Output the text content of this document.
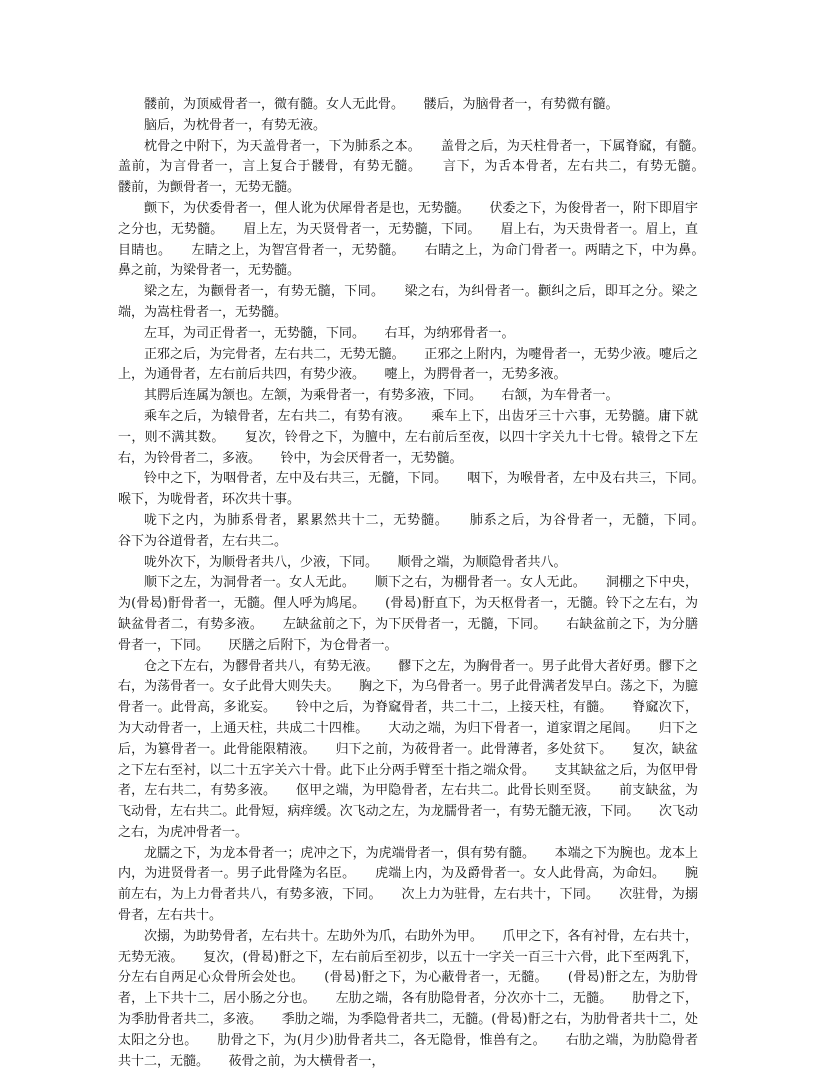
髅前，为顶威骨者一，微有髓。女人无此骨。　　髅后，为脑骨者一，有势微有髓。

脑后，为枕骨者一，有势无液。

枕骨之中附下，为天盖骨者一，下为肺系之本。　　盖骨之后，为天柱骨者一，下属脊窳，有髓。　　盖前，为言骨者一，言上复合于髅骨，有势无髓。　　言下，为舌本骨者，左右共二，有势无髓。　　髅前，为颤骨者一，无势无髓。

颤下，为伏委骨者一，俚人讹为伏犀骨者是也，无势髓。　　伏委之下，为俊骨者一，附下即眉宇之分也，无势髓。　　眉上左，为天贤骨者一，无势髓，下同。　　眉上右，为天贵骨者一。眉上，直目睛也。　　左睛之上，为智宫骨者一，无势髓。　　右睛之上，为命门骨者一。两睛之下，中为鼻。　　鼻之前，为梁骨者一，无势髓。

梁之左，为颧骨者一，有势无髓，下同。　　梁之右，为纠骨者一。颧纠之后，即耳之分。梁之端，为嵩柱骨者一，无势髓。

左耳，为司正骨者一，无势髓，下同。　　右耳，为纳邪骨者一。

正邪之后，为完骨者，左右共二，无势无髓。　　正邪之上附内，为嚏骨者一，无势少液。嚏后之上，为通骨者，左右前后共四，有势少液。　　嚏上，为腭骨者一，无势多液。

其腭后连属为颔也。左颔，为乘骨者一，有势多液，下同。　　右颔，为车骨者一。

乘车之后，为辕骨者，左右共二，有势有液。　　乘车上下，出齿牙三十六事，无势髓。庸下就一，则不满其数。　　复次，铃骨之下，为膻中，左右前后至夜，以四十字关九十七骨。辕骨之下左右，为铃骨者二，多液。　　铃中，为会厌骨者一，无势髓。

铃中之下，为咽骨者，左中及右共三，无髓，下同。　　咽下，为喉骨者，左中及右共三，下同。　　喉下，为咙骨者，环次共十事。

咙下之内，为肺系骨者，累累然共十二，无势髓。　　肺系之后，为谷骨者一，无髓，下同。　　谷下为谷道骨者，左右共二。

咙外次下，为顺骨者共八，少液，下同。　　顺骨之端，为顺隐骨者共八。

顺下之左，为洞骨者一。女人无此。　　顺下之右，为棚骨者一。女人无此。　　洞棚之下中央，为(骨曷)骬骨者一，无髓。俚人呼为鸠尾。　　(骨曷)骬直下，为天枢骨者一，无髓。铃下之左右，为缺盆骨者二，有势多液。　　左缺盆前之下，为下厌骨者一，无髓，下同。　　右缺盆前之下，为分膳骨者一，下同。　　厌膳之后附下，为仓骨者一。

仓之下左右，为髎骨者共八，有势无液。　　髎下之左，为胸骨者一。男子此骨大者好勇。髎下之右，为荡骨者一。女子此骨大则失夫。　　胸之下，为乌骨者一。男子此骨满者发早白。荡之下，为臆骨者一。此骨高，多讹妄。　　铃中之后，为脊窳骨者，共二十二，上接天柱，有髓。　　脊窳次下，为大动骨者一，上通天柱，共成二十四椎。　　大动之端，为归下骨者一，道家谓之尾闾。　　归下之后，为篡骨者一。此骨能限精液。　　归下之前，为莜骨者一。此骨薄者，多处贫下。　　复次，缺盆之下左右至衬，以二十五字关六十骨。此下止分两手臂至十指之端众骨。　　支其缺盆之后，为伛甲骨者，左右共二，有势多液。　　伛甲之端，为甲隐骨者，左右共二。此骨长则至贤。　　前支缺盆，为飞动骨，左右共二。此骨短，病痒缓。次飞动之左，为龙臑骨者一，有势无髓无液，下同。　　次飞动之右，为虎冲骨者一。

龙臑之下，为龙本骨者一；虎冲之下，为虎端骨者一，俱有势有髓。　　本端之下为腕也。龙本上内，为进贤骨者一。男子此骨隆为名臣。　　虎端上内，为及爵骨者一。女人此骨高，为命妇。　　腕前左右，为上力骨者共八，有势多液，下同。　　次上力为驻骨，左右共十，下同。　　次驻骨，为搦骨者，左右共十。

次搦，为助势骨者，左右共十。左助外为爪，右助外为甲。　　爪甲之下，各有衬骨，左右共十，无势无液。　　复次，(骨曷)骬之下，左右前后至初步，以五十一字关一百三十六骨，此下至两乳下，分左右自两足心众骨所会处也。　　(骨曷)骬之下，为心蔽骨者一，无髓。　　(骨曷)骬之左，为肋骨者，上下共十二，居小肠之分也。　　左肋之端，各有肋隐骨者，分次亦十二，无髓。　　肋骨之下，为季肋骨者共二，多液。　　季肋之端，为季隐骨者共二，无髓。(骨曷)骬之右，为肋骨者共十二，处太阳之分也。　　肋骨之下，为(月少)肋骨者共二，各无隐骨，惟兽有之。　　右肋之端，为肋隐骨者共十二，无髓。　　莜骨之前，为大横骨者一，
